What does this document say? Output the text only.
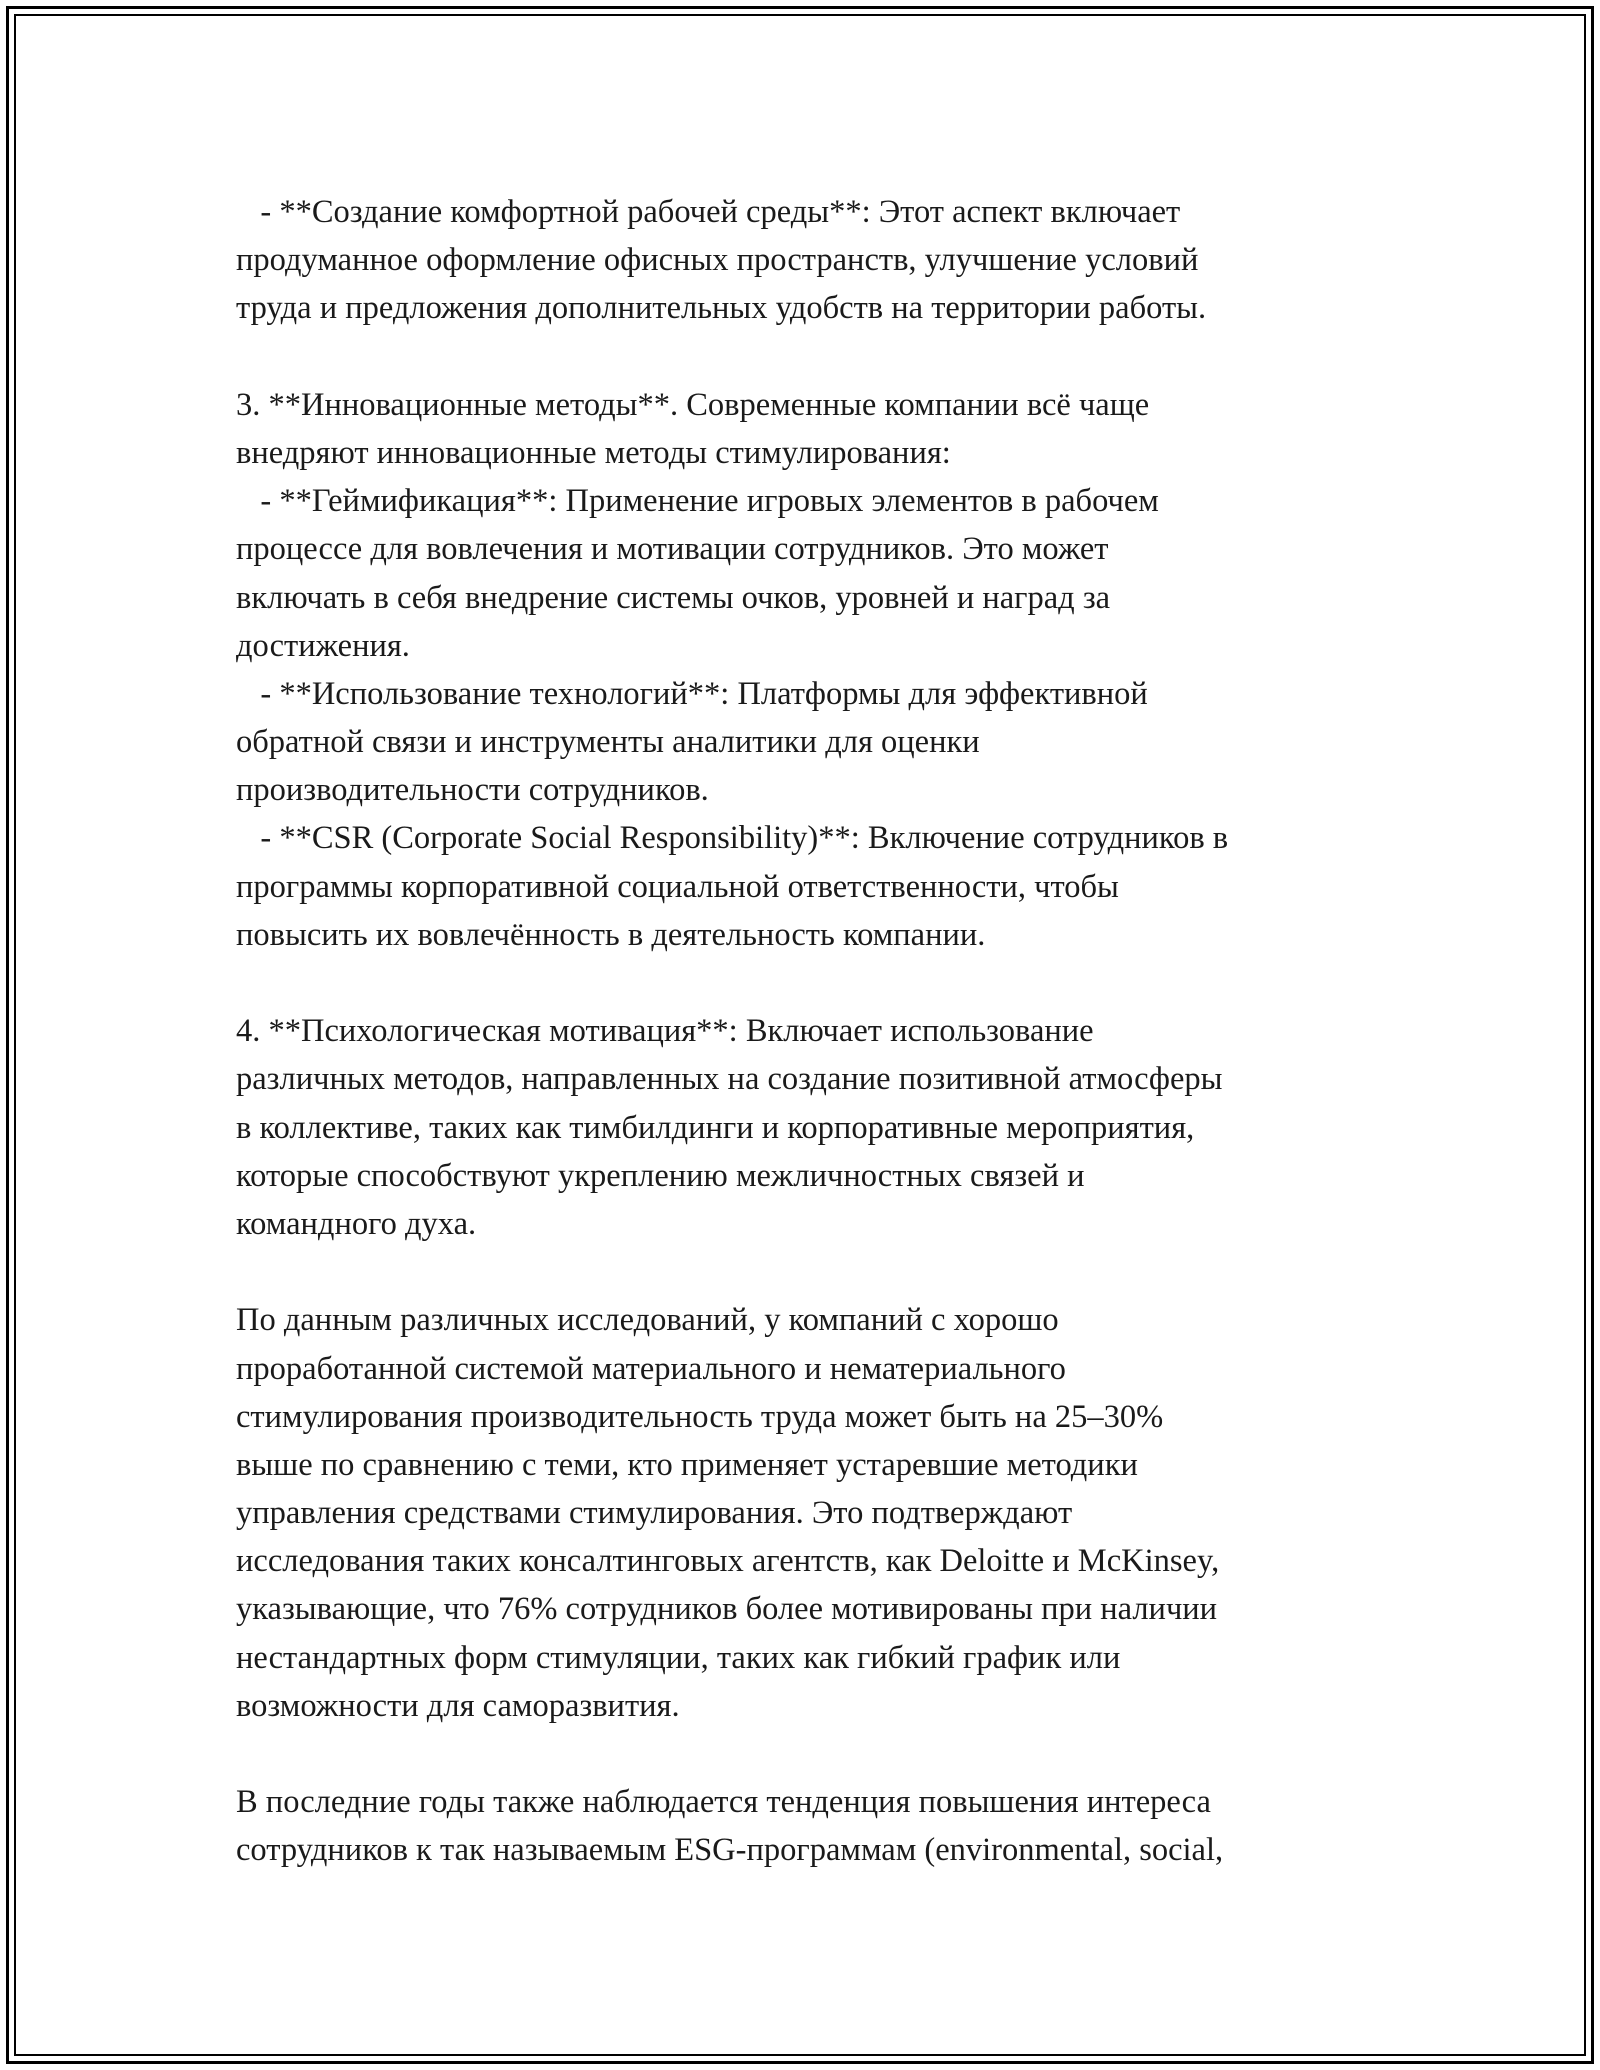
- **Создание комфортной рабочей среды**: Этот аспект включает
продуманное оформление офисных пространств, улучшение условий
труда и предложения дополнительных удобств на территории работы.
3. **Инновационные методы**. Современные компании всё чаще
внедряют инновационные методы стимулирования:
- **Геймификация**: Применение игровых элементов в рабочем
процессе для вовлечения и мотивации сотрудников. Это может
включать в себя внедрение системы очков, уровней и наград за
достижения.
- **Использование технологий**: Платформы для эффективной
обратной связи и инструменты аналитики для оценки
производительности сотрудников.
- **CSR (Corporate Social Responsibility)**: Включение сотрудников в
программы корпоративной социальной ответственности, чтобы
повысить их вовлечённость в деятельность компании.
4. **Психологическая мотивация**: Включает использование
различных методов, направленных на создание позитивной атмосферы
в коллективе, таких как тимбилдинги и корпоративные мероприятия,
которые способствуют укреплению межличностных связей и
командного духа.
По данным различных исследований, у компаний с хорошо
проработанной системой материального и нематериального
стимулирования производительность труда может быть на 25–30%
выше по сравнению с теми, кто применяет устаревшие методики
управления средствами стимулирования. Это подтверждают
исследования таких консалтинговых агентств, как Deloitte и McKinsey,
указывающие, что 76% сотрудников более мотивированы при наличии
нестандартных форм стимуляции, таких как гибкий график или
возможности для саморазвития.
В последние годы также наблюдается тенденция повышения интереса
сотрудников к так называемым ESG-программам (environmental, social,
